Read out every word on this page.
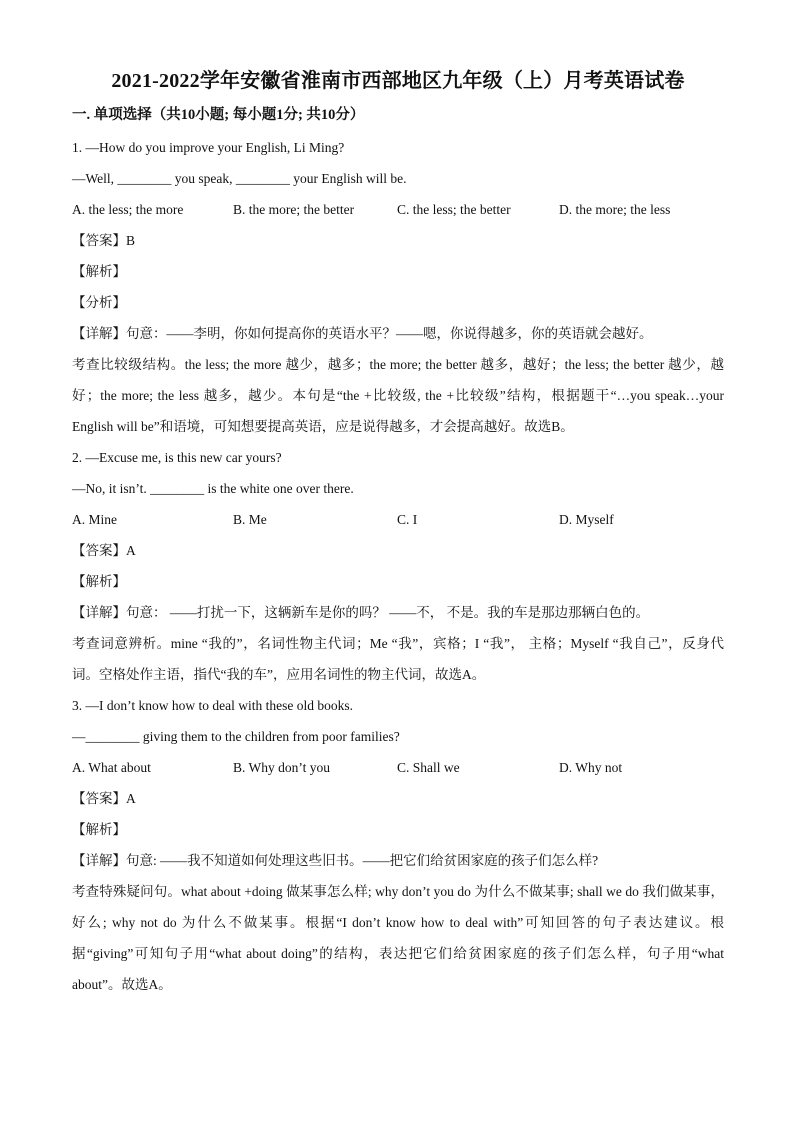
2021-2022学年安徽省淮南市西部地区九年级（上）月考英语试卷
一. 单项选择（共10小题; 每小题1分; 共10分）
1. —How do you improve your English, Li Ming?
—Well, ________ you speak, ________ your English will be.
A. the less; the more	B. the more; the better	C. the less; the better	D. the more; the less
【答案】B
【解析】
【分析】
【详解】句意：——李明，你如何提高你的英语水平？——嗯，你说得越多，你的英语就会越好。
考查比较级结构。the less; the more 越少，越多；the more; the better 越多，越好；the less; the better 越少，越好；the more; the less 越多，越少。本句是“the +比较级, the +比较级”结构，根据题干“…you speak…your English will be”和语境，可知想要提高英语，应是说得越多，才会提高越好。故选B。
2. —Excuse me, is this new car yours?
—No, it isn’t. ________ is the white one over there.
A. Mine	B. Me	C. I	D. Myself
【答案】A
【解析】
【详解】句意： ——打扰一下，这辆新车是你的吗？ ——不， 不是。我的车是那边那辆白色的。
考查词意辨析。mine “我的”，名词性物主代词；Me “我”，宾格；I “我”， 主格；Myself “我自己”，反身代词。空格处作主语，指代“我的车”，应用名词性的物主代词，故选A。
3. —I don’t know how to deal with these old books.
—________ giving them to the children from poor families?
A. What about	B. Why don’t you	C. Shall we	D. Why not
【答案】A
【解析】
【详解】句意: ——我不知道如何处理这些旧书。——把它们给贫困家庭的孩子们怎么样?
考查特殊疑问句。what about +doing 做某事怎么样; why don’t you do 为什么不做某事; shall we do 我们做某事，好么; why not do 为什么不做某事。根据“I don’t know how to deal with”可知回答的句子表达建议。根据“giving”可知句子用“what about doing”的结构，表达把它们给贫困家庭的孩子们怎么样，句子用“what about”。故选A。
